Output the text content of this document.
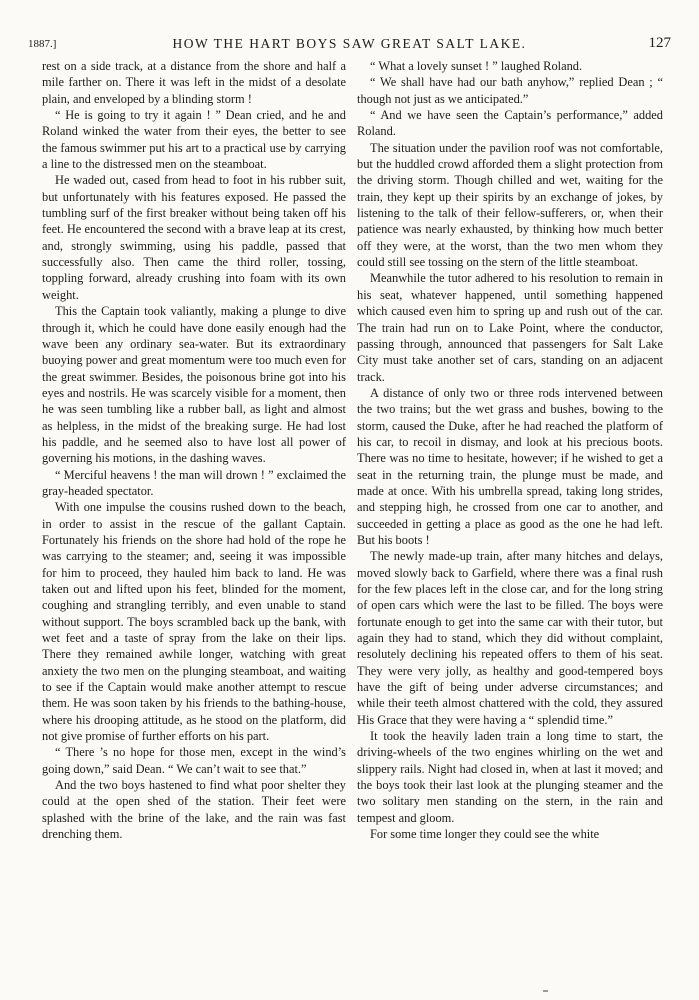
1887.]	HOW THE HART BOYS SAW GREAT SALT LAKE.	127

rest on a side track, at a distance from the shore and half a mile farther on. There it was left in the midst of a desolate plain, and enveloped by a blinding storm !

“ He is going to try it again ! ” Dean cried, and he and Roland winked the water from their eyes, the better to see the famous swimmer put his art to a practical use by carrying a line to the distressed men on the steamboat.

He waded out, cased from head to foot in his rubber suit, but unfortunately with his features exposed. He passed the tumbling surf of the first breaker without being taken off his feet. He encountered the second with a brave leap at its crest, and, strongly swimming, using his paddle, passed that successfully also. Then came the third roller, tossing, toppling forward, already crushing into foam with its own weight.

This the Captain took valiantly, making a plunge to dive through it, which he could have done easily enough had the wave been any ordinary sea-water. But its extraordinary buoying power and great momentum were too much even for the great swimmer. Besides, the poisonous brine got into his eyes and nostrils. He was scarcely visible for a moment, then he was seen tumbling like a rubber ball, as light and almost as helpless, in the midst of the breaking surge. He had lost his paddle, and he seemed also to have lost all power of governing his motions, in the dashing waves.

“ Merciful heavens ! the man will drown ! ” exclaimed the gray-headed spectator.

With one impulse the cousins rushed down to the beach, in order to assist in the rescue of the gallant Captain. Fortunately his friends on the shore had hold of the rope he was carrying to the steamer; and, seeing it was impossible for him to proceed, they hauled him back to land. He was taken out and lifted upon his feet, blinded for the moment, coughing and strangling terribly, and even unable to stand without support. The boys scrambled back up the bank, with wet feet and a taste of spray from the lake on their lips. There they remained awhile longer, watching with great anxiety the two men on the plunging steamboat, and waiting to see if the Captain would make another attempt to rescue them. He was soon taken by his friends to the bathing-house, where his drooping attitude, as he stood on the platform, did not give promise of further efforts on his part.

“ There ’s no hope for those men, except in the wind’s going down,” said Dean. “ We can’t wait to see that.”

And the two boys hastened to find what poor shelter they could at the open shed of the station. Their feet were splashed with the brine of the lake, and the rain was fast drenching them.

“ What a lovely sunset ! ” laughed Roland.

“ We shall have had our bath anyhow,” replied Dean ; “ though not just as we anticipated.”

“ And we have seen the Captain’s performance,” added Roland.

The situation under the pavilion roof was not comfortable, but the huddled crowd afforded them a slight protection from the driving storm. Though chilled and wet, waiting for the train, they kept up their spirits by an exchange of jokes, by listening to the talk of their fellow-sufferers, or, when their patience was nearly exhausted, by thinking how much better off they were, at the worst, than the two men whom they could still see tossing on the stern of the little steamboat.

Meanwhile the tutor adhered to his resolution to remain in his seat, whatever happened, until something happened which caused even him to spring up and rush out of the car. The train had run on to Lake Point, where the conductor, passing through, announced that passengers for Salt Lake City must take another set of cars, standing on an adjacent track.

A distance of only two or three rods intervened between the two trains; but the wet grass and bushes, bowing to the storm, caused the Duke, after he had reached the platform of his car, to recoil in dismay, and look at his precious boots. There was no time to hesitate, however; if he wished to get a seat in the returning train, the plunge must be made, and made at once. With his umbrella spread, taking long strides, and stepping high, he crossed from one car to another, and succeeded in getting a place as good as the one he had left. But his boots !

The newly made-up train, after many hitches and delays, moved slowly back to Garfield, where there was a final rush for the few places left in the close car, and for the long string of open cars which were the last to be filled. The boys were fortunate enough to get into the same car with their tutor, but again they had to stand, which they did without complaint, resolutely declining his repeated offers to them of his seat. They were very jolly, as healthy and good-tempered boys have the gift of being under adverse circumstances; and while their teeth almost chattered with the cold, they assured His Grace that they were having a “ splendid time.”

It took the heavily laden train a long time to start, the driving-wheels of the two engines whirling on the wet and slippery rails. Night had closed in, when at last it moved; and the boys took their last look at the plunging steamer and the two solitary men standing on the stern, in the rain and tempest and gloom.

For some time longer they could see the white
